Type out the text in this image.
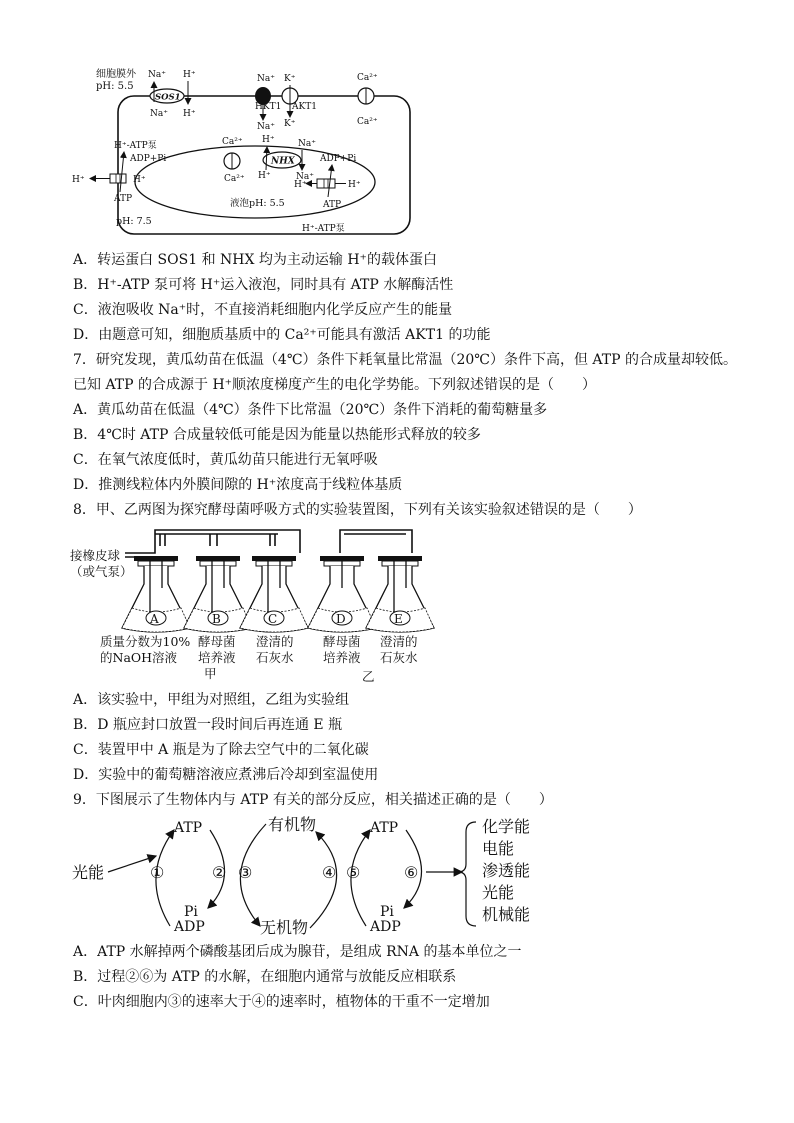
细胞膜外
pH: 5.5
SOS1
Na⁺ H⁺
Na⁺ H⁺
HKT1
Na⁺
Na⁺
AKT1
K⁺
K⁺
Ca²⁺
Ca²⁺
H⁺-ATP泵
ADP+Pi
H⁺	H⁺
ATP
pH: 7.5
Ca²⁺
Ca²⁺
NHX
H⁺
H⁺
Na⁺
Na⁺
ADP+Pi
H⁺	H⁺
ATP
液泡pH: 5.5
H⁺-ATP泵
A．转运蛋白 SOS1 和 NHX 均为主动运输 H⁺的载体蛋白
B．H⁺-ATP 泵可将 H⁺运入液泡，同时具有 ATP 水解酶活性
C．液泡吸收 Na⁺时，不直接消耗细胞内化学反应产生的能量
D．由题意可知，细胞质基质中的 Ca²⁺可能具有激活 AKT1 的功能
7．研究发现，黄瓜幼苗在低温（4℃）条件下耗氧量比常温（20℃）条件下高，但 ATP 的合成量却较低。
已知 ATP 的合成源于 H⁺顺浓度梯度产生的电化学势能。下列叙述错误的是（　　）
A．黄瓜幼苗在低温（4℃）条件下比常温（20℃）条件下消耗的葡萄糖量多
B．4℃时 ATP 合成量较低可能是因为能量以热能形式释放的较多
C．在氧气浓度低时，黄瓜幼苗只能进行无氧呼吸
D．推测线粒体内外膜间隙的 H⁺浓度高于线粒体基质
8．甲、乙两图为探究酵母菌呼吸方式的实验装置图，下列有关该实验叙述错误的是（　　）
接橡皮球
（或气泵）
A	B	C	D	E
质量分数为10%
的NaOH溶液
酵母菌
培养液
甲
澄清的
石灰水
酵母菌
培养液
澄清的
石灰水
乙
A．该实验中，甲组为对照组，乙组为实验组
B．D 瓶应封口放置一段时间后再连通 E 瓶
C．装置甲中 A 瓶是为了除去空气中的二氧化碳
D．实验中的葡萄糖溶液应煮沸后冷却到室温使用
9．下图展示了生物体内与 ATP 有关的部分反应，相关描述正确的是（　　）
光能
ATP
ADP
Pi
①	②
有机物
无机物
③	④
ATP
ADP
Pi
⑤	⑥
化学能
电能
渗透能
光能
机械能
A．ATP 水解掉两个磷酸基团后成为腺苷，是组成 RNA 的基本单位之一
B．过程②⑥为 ATP 的水解，在细胞内通常与放能反应相联系
C．叶肉细胞内③的速率大于④的速率时，植物体的干重不一定增加
